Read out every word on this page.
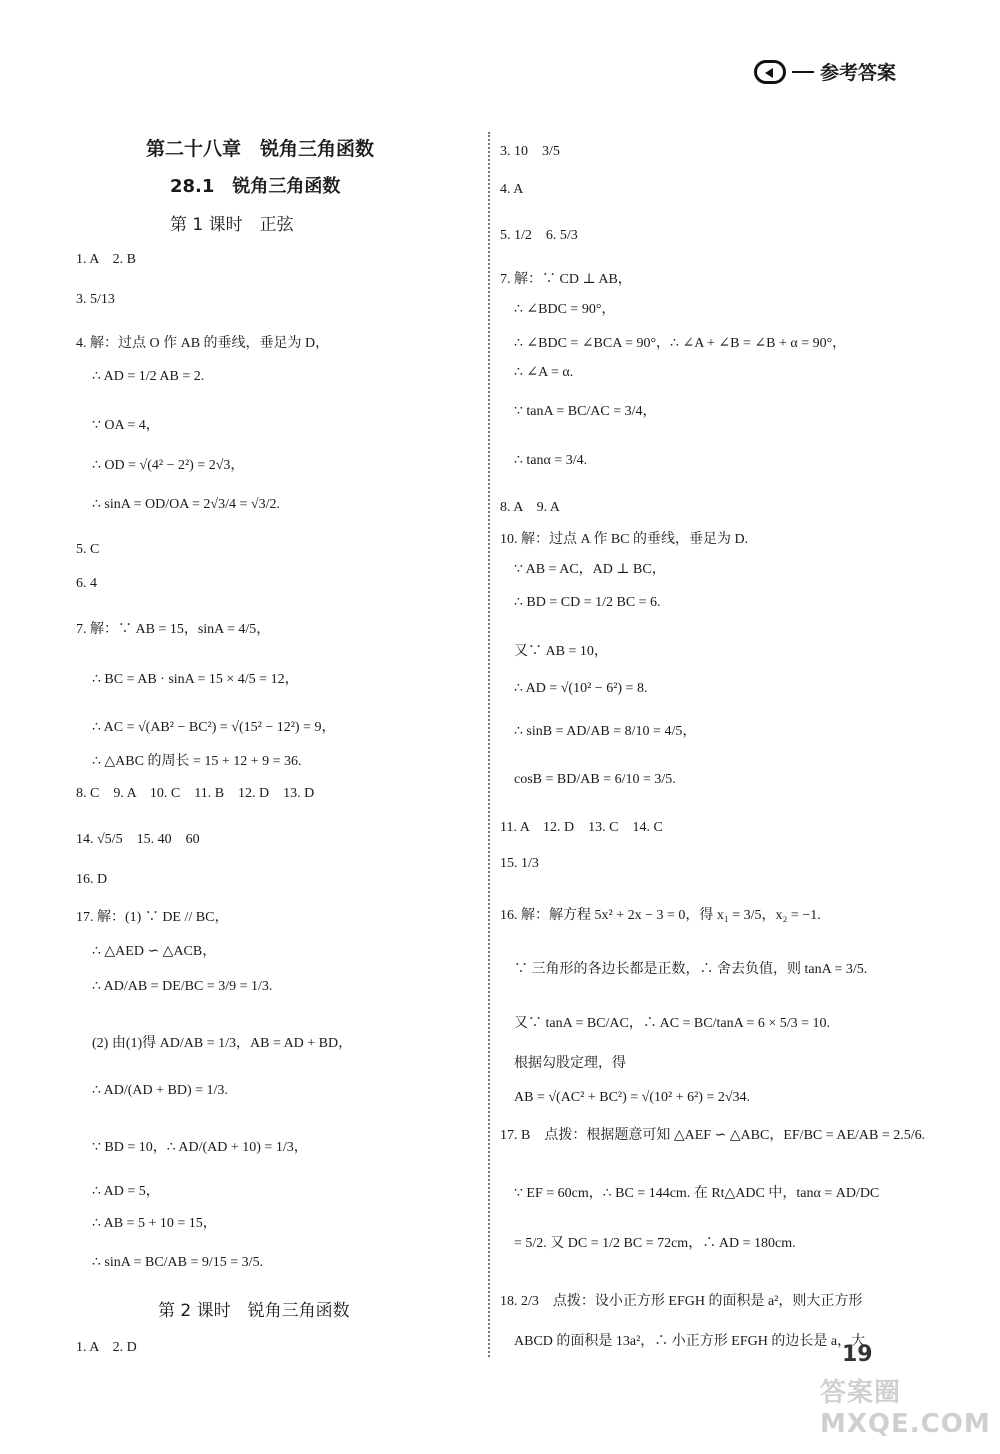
参考答案
第二十八章　锐角三角函数
28.1　锐角三角函数
第 1 课时　正弦
1. A　2. B
3. 5/13
4. 解：过点 O 作 AB 的垂线，垂足为 D，
∴ AD = 1/2 AB = 2.
∵ OA = 4，
∴ OD = √(4² − 2²) = 2√3，
∴ sinA = OD/OA = 2√3/4 = √3/2.
5. C
6. 4
7. 解：∵ AB = 15，sinA = 4/5，
∴ BC = AB · sinA = 15 × 4/5 = 12，
∴ AC = √(AB² − BC²) = √(15² − 12²) = 9，
∴ △ABC 的周长 = 15 + 12 + 9 = 36.
8. C　9. A　10. C　11. B　12. D　13. D
14. √5/5　15. 40　60
16. D
17. 解：(1) ∵ DE // BC，
∴ △AED ∽ △ACB，
∴ AD/AB = DE/BC = 3/9 = 1/3.
(2) 由(1)得 AD/AB = 1/3，AB = AD + BD，
∴ AD/(AD + BD) = 1/3.
∵ BD = 10，∴ AD/(AD + 10) = 1/3，
∴ AD = 5，
∴ AB = 5 + 10 = 15，
∴ sinA = BC/AB = 9/15 = 3/5.
第 2 课时　锐角三角函数
1. A　2. D
3. 10　3/5
4. A
5. 1/2　6. 5/3
7. 解：∵ CD ⊥ AB，
∴ ∠BDC = 90°，
∴ ∠BDC = ∠BCA = 90°，∴ ∠A + ∠B = ∠B + α = 90°，
∴ ∠A = α.
∵ tanA = BC/AC = 3/4，
∴ tanα = 3/4.
8. A　9. A
10. 解：过点 A 作 BC 的垂线，垂足为 D.
∵ AB = AC，AD ⊥ BC，
∴ BD = CD = 1/2 BC = 6.
又∵ AB = 10，
∴ AD = √(10² − 6²) = 8.
∴ sinB = AD/AB = 8/10 = 4/5，
cosB = BD/AB = 6/10 = 3/5.
11. A　12. D　13. C　14. C
15. 1/3
16. 解：解方程 5x² + 2x − 3 = 0，得 x₁ = 3/5，x₂ = −1.
∵ 三角形的各边长都是正数，∴ 舍去负值，则 tanA = 3/5.
又∵ tanA = BC/AC，∴ AC = BC/tanA = 6 × 5/3 = 10.
根据勾股定理，得
AB = √(AC² + BC²) = √(10² + 6²) = 2√34.
17. B　点拨：根据题意可知 △AEF ∽ △ABC，EF/BC = AE/AB = 2.5/6.
∵ EF = 60cm，∴ BC = 144cm. 在 Rt△ADC 中，tanα = AD/DC
= 5/2. 又 DC = 1/2 BC = 72cm，∴ AD = 180cm.
18. 2/3　点拨：设小正方形 EFGH 的面积是 a²，则大正方形
ABCD 的面积是 13a²，∴ 小正方形 EFGH 的边长是 a，大
19
答案圈 MXQE.COM
